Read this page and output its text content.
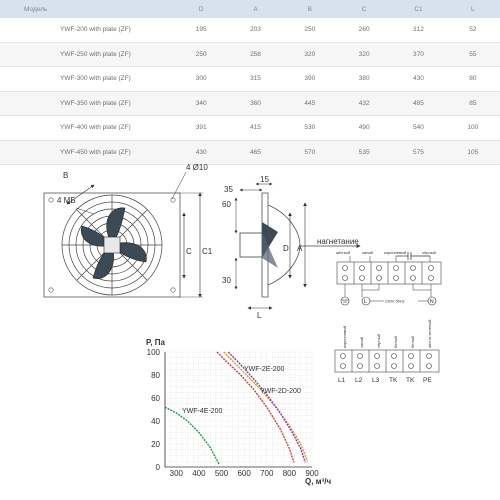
Модель	D	A	B	C	C1	L
YWF-200 with plate (ZF)	195	203	250	260	312	52
YWF-250 with plate (ZF)	250	258	320	320	370	55
YWF-300 with plate (ZF)	300	315	390	380	430	80
YWF-350 with plate (ZF)	340	360	445	432	485	85
YWF-400 with plate (ZF)	391	415	530	490	540	100
YWF-450 with plate (ZF)	430	465	570	535	575	105
B
4 МБ
4 Ø10
C C1
35
15
60
30
D A
L
нагнетание
жёлтый	синий	коричневый	чёрный
L	N
230V 50Hz
коричневый	синий	чёрный	белый	белый	жёлто-зелёный
L1 L2 L3 TK TK PE
0
20
40
60
80
100
300 400 500 600 700 800 900
YWF-4E-200
YWF-2E-200
YWF-2D-200
P, Па
Q, м³/ч
